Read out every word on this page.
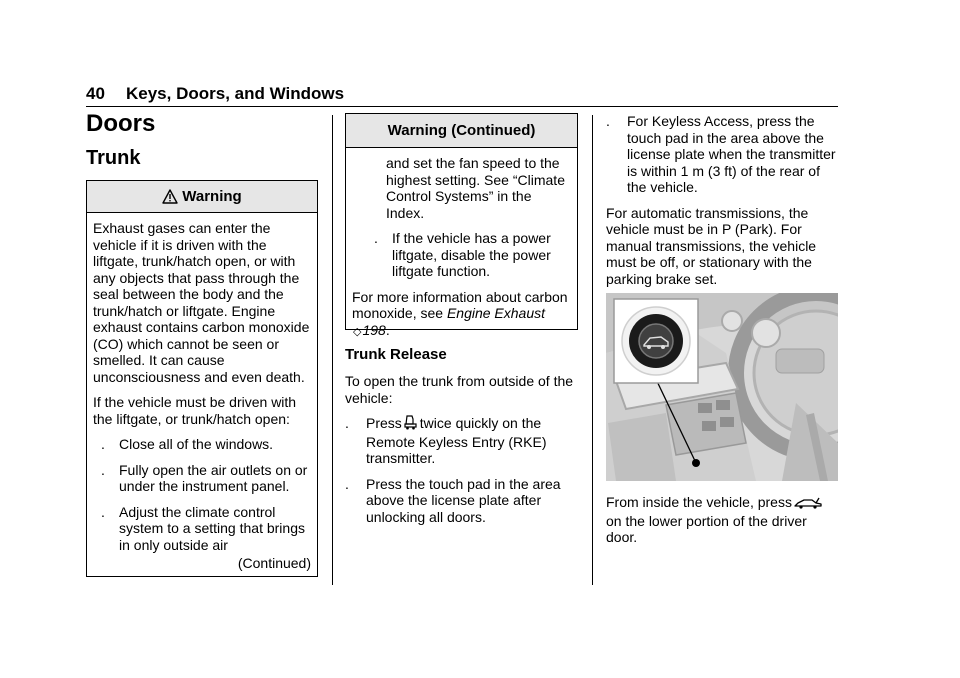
40 Keys, Doors, and Windows
Doors
Trunk
Warning

Exhaust gases can enter the vehicle if it is driven with the liftgate, trunk/hatch open, or with any objects that pass through the seal between the body and the trunk/hatch or liftgate. Engine exhaust contains carbon monoxide (CO) which cannot be seen or smelled. It can cause unconsciousness and even death.

If the vehicle must be driven with the liftgate, or trunk/hatch open:

.	Close all of the windows.
.	Fully open the air outlets on or under the instrument panel.
.	Adjust the climate control system to a setting that brings in only outside air
(Continued)
Warning (Continued)

and set the fan speed to the highest setting. See “Climate Control Systems” in the Index.

.	If the vehicle has a power liftgate, disable the power liftgate function.

For more information about carbon monoxide, see Engine Exhaust ◇198.

Trunk Release

To open the trunk from outside of the vehicle:

.	Press twice quickly on the Remote Keyless Entry (RKE) transmitter.
.	Press the touch pad in the area above the license plate after unlocking all doors.
.	For Keyless Access, press the touch pad in the area above the license plate when the transmitter is within 1 m (3 ft) of the rear of the vehicle.

For automatic transmissions, the vehicle must be in P (Park). For manual transmissions, the vehicle must be off, or stationary with the parking brake set.

From inside the vehicle, press
on the lower portion of the driver door.
